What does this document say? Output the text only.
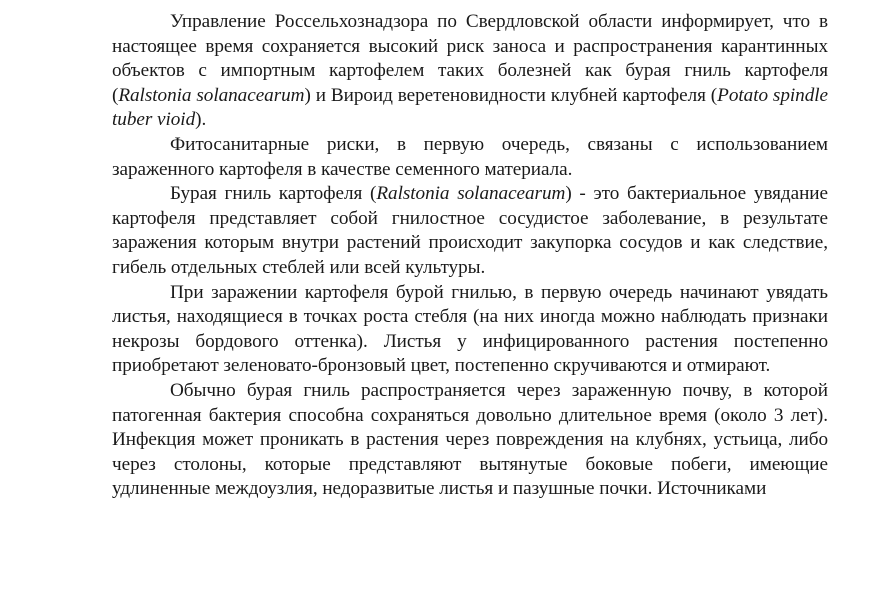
Управление Россельхознадзора по Свердловской области информирует, что в настоящее время сохраняется высокий риск заноса и распространения карантинных объектов с импортным картофелем таких болезней как бурая гниль картофеля (Ralstonia solanacearum) и Вироид веретеновидности клубней картофеля (Potato spindle tuber vioid).

Фитосанитарные риски, в первую очередь, связаны с использованием зараженного картофеля в качестве семенного материала.

Бурая гниль картофеля (Ralstonia solanacearum) - это бактериальное увядание картофеля представляет собой гнилостное сосудистое заболевание, в результате заражения которым внутри растений происходит закупорка сосудов и как следствие, гибель отдельных стеблей или всей культуры.

При заражении картофеля бурой гнилью, в первую очередь начинают увядать листья, находящиеся в точках роста стебля (на них иногда можно наблюдать признаки некрозы бордового оттенка). Листья у инфицированного растения постепенно приобретают зеленовато-бронзовый цвет, постепенно скручиваются и отмирают.

Обычно бурая гниль распространяется через зараженную почву, в которой патогенная бактерия способна сохраняться довольно длительное время (около 3 лет). Инфекция может проникать в растения через повреждения на клубнях, устьица, либо через столоны, которые представляют вытянутые боковые побеги, имеющие удлиненные междоузлия, недоразвитые листья и пазушные почки. Источниками
